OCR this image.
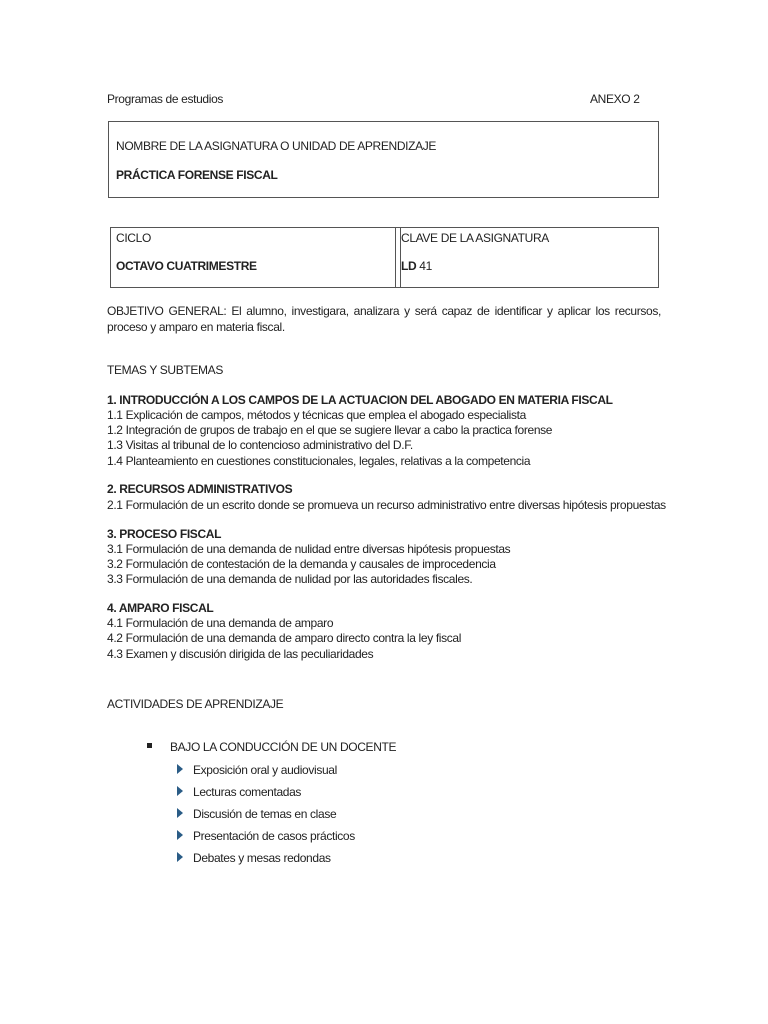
Programas de estudios	ANEXO 2
NOMBRE DE LA ASIGNATURA O UNIDAD DE APRENDIZAJE
PRÁCTICA FORENSE FISCAL
CICLO
OCTAVO CUATRIMESTRE
CLAVE DE LA ASIGNATURA
LD 41
OBJETIVO GENERAL: El alumno, investigara, analizara y será capaz de identificar y aplicar los recursos, proceso y amparo en materia fiscal.
TEMAS Y SUBTEMAS
1. INTRODUCCIÓN A LOS CAMPOS DE LA ACTUACION DEL ABOGADO EN MATERIA FISCAL
1.1 Explicación de campos, métodos y técnicas que emplea el abogado especialista
1.2 Integración de grupos de trabajo en el que se sugiere llevar a cabo la practica forense
1.3 Visitas al tribunal de lo contencioso administrativo del D.F.
1.4 Planteamiento en cuestiones constitucionales, legales, relativas a la competencia
2. RECURSOS ADMINISTRATIVOS
2.1 Formulación de un escrito donde se promueva un recurso administrativo entre diversas hipótesis propuestas
3. PROCESO FISCAL
3.1 Formulación de una demanda de nulidad entre diversas hipótesis propuestas
3.2 Formulación de contestación de la demanda y causales de improcedencia
3.3 Formulación de una demanda de nulidad por las autoridades fiscales.
4. AMPARO FISCAL
4.1 Formulación de una demanda de amparo
4.2 Formulación de una demanda de amparo directo contra la ley fiscal
4.3 Examen y discusión dirigida de las peculiaridades
ACTIVIDADES DE APRENDIZAJE
BAJO LA CONDUCCIÓN DE UN DOCENTE
Exposición oral y audiovisual
Lecturas comentadas
Discusión de temas en clase
Presentación de casos prácticos
Debates y mesas redondas
